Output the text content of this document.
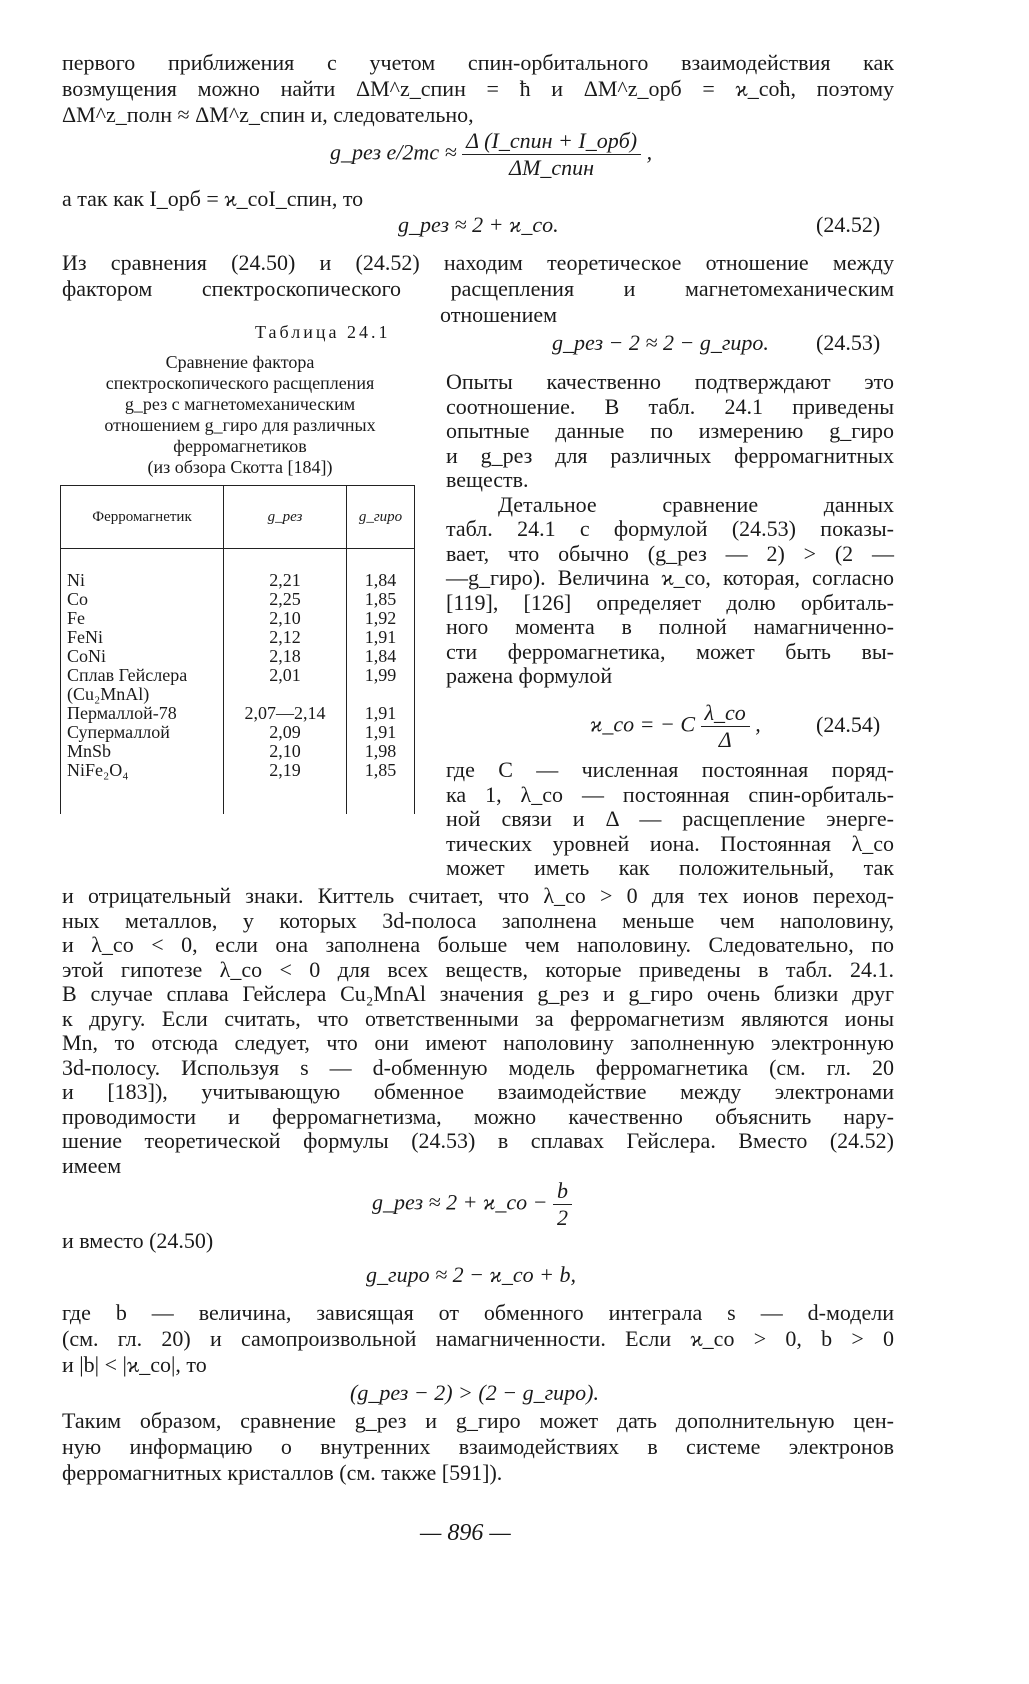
первого приближения с учетом спин-орбитального взаимодействия как
возмущения можно найти ΔM^z_спин = ħ и ΔM^z_орб = ϰ_coħ, поэтому
ΔM^z_полн ≈ ΔM^z_спин и, следовательно,
g_рез $e/2mc \approx \frac{\text{Δ (I\_спин + I\_орб)}}{\text{ΔM\_спин}}$ ,
а так как I_орб = ϰ_coI_спин, то
g_рез ≈ 2 + ϰ_co.	(24.52)
Из сравнения (24.50) и (24.52) находим теоретическое отношение между
фактором спектроскопического расщепления и магнетомеханическим
отношением
g_рез − 2 ≈ 2 − g_гиро. (24.53)
Таблица 24.1
Сравнение фактора
спектроскопического расщепления
g_рез с магнетомеханическим
отношением g_гиро для различных
ферромагнетиков
(из обзора Скотта [184])
Ферромагнетик	g_рез	g_гиро
Ni	2,21	1,84
Co	2,25	1,85
Fe	2,10	1,92
FeNi	2,12	1,91
CoNi	2,18	1,84
Сплав Гейслера (Cu₂MnAl)	2,01	1,99
Пермаллой-78	2,07—2,14	1,91
Супермаллой	2,09	1,91
MnSb	2,10	1,98
NiFe₂O₄	2,19	1,85
Опыты качественно подтверждают это
соотношение. В табл. 24.1 приведены
опытные данные по измерению g_гиро
и g_рез для различных ферромагнитных
веществ.
Детальное сравнение данных
табл. 24.1 с формулой (24.53) показы-
вает, что обычно (g_рез — 2) > (2 —
—g_гиро). Величина ϰ_co, которая, согласно
[119], [126] определяет долю орбиталь-
ного момента в полной намагниченно-
сти ферромагнетика, может быть вы-
ражена формулой
ϰ_co = − C $\frac{\lambda\_co}{\Delta}$ ,	(24.54)
где C — численная постоянная поряд-
ка 1, λ_co — постоянная спин-орбиталь-
ной связи и Δ — расщепление энерге-
тических уровней иона. Постоянная λ_co
может иметь как положительный, так
и отрицательный знаки. Киттель считает, что λ_co > 0 для тех ионов переход-
ных металлов, у которых 3d-полоса заполнена меньше чем наполовину,
и λ_co < 0, если она заполнена больше чем наполовину. Следовательно, по
этой гипотезе λ_co < 0 для всех веществ, которые приведены в табл. 24.1.
В случае сплава Гейслера Cu₂MnAl значения g_рез и g_гиро очень близки друг
к другу. Если считать, что ответственными за ферромагнетизм являются ионы
Mn, то отсюда следует, что они имеют наполовину заполненную электронную
3d-полосу. Используя s — d-обменную модель ферромагнетика (см. гл. 20
и [183]), учитывающую обменное взаимодействие между электронами
проводимости и ферромагнетизма, можно качественно объяснить нару-
шение теоретической формулы (24.53) в сплавах Гейслера. Вместо (24.52)
имеем
g_рез ≈ 2 + ϰ_co − $\frac{b}{2}$
и вместо (24.50)
g_гиро ≈ 2 − ϰ_co + b,
где b — величина, зависящая от обменного интеграла s — d-модели
(см. гл. 20) и самопроизвольной намагниченности. Если ϰ_co > 0, b > 0
и |b| < |ϰ_co|, то
(g_рез − 2) > (2 − g_гиро).
Таким образом, сравнение g_рез и g_гиро может дать дополнительную цен-
ную информацию о внутренних взаимодействиях в системе электронов
ферромагнитных кристаллов (см. также [591]).
— 896 —
